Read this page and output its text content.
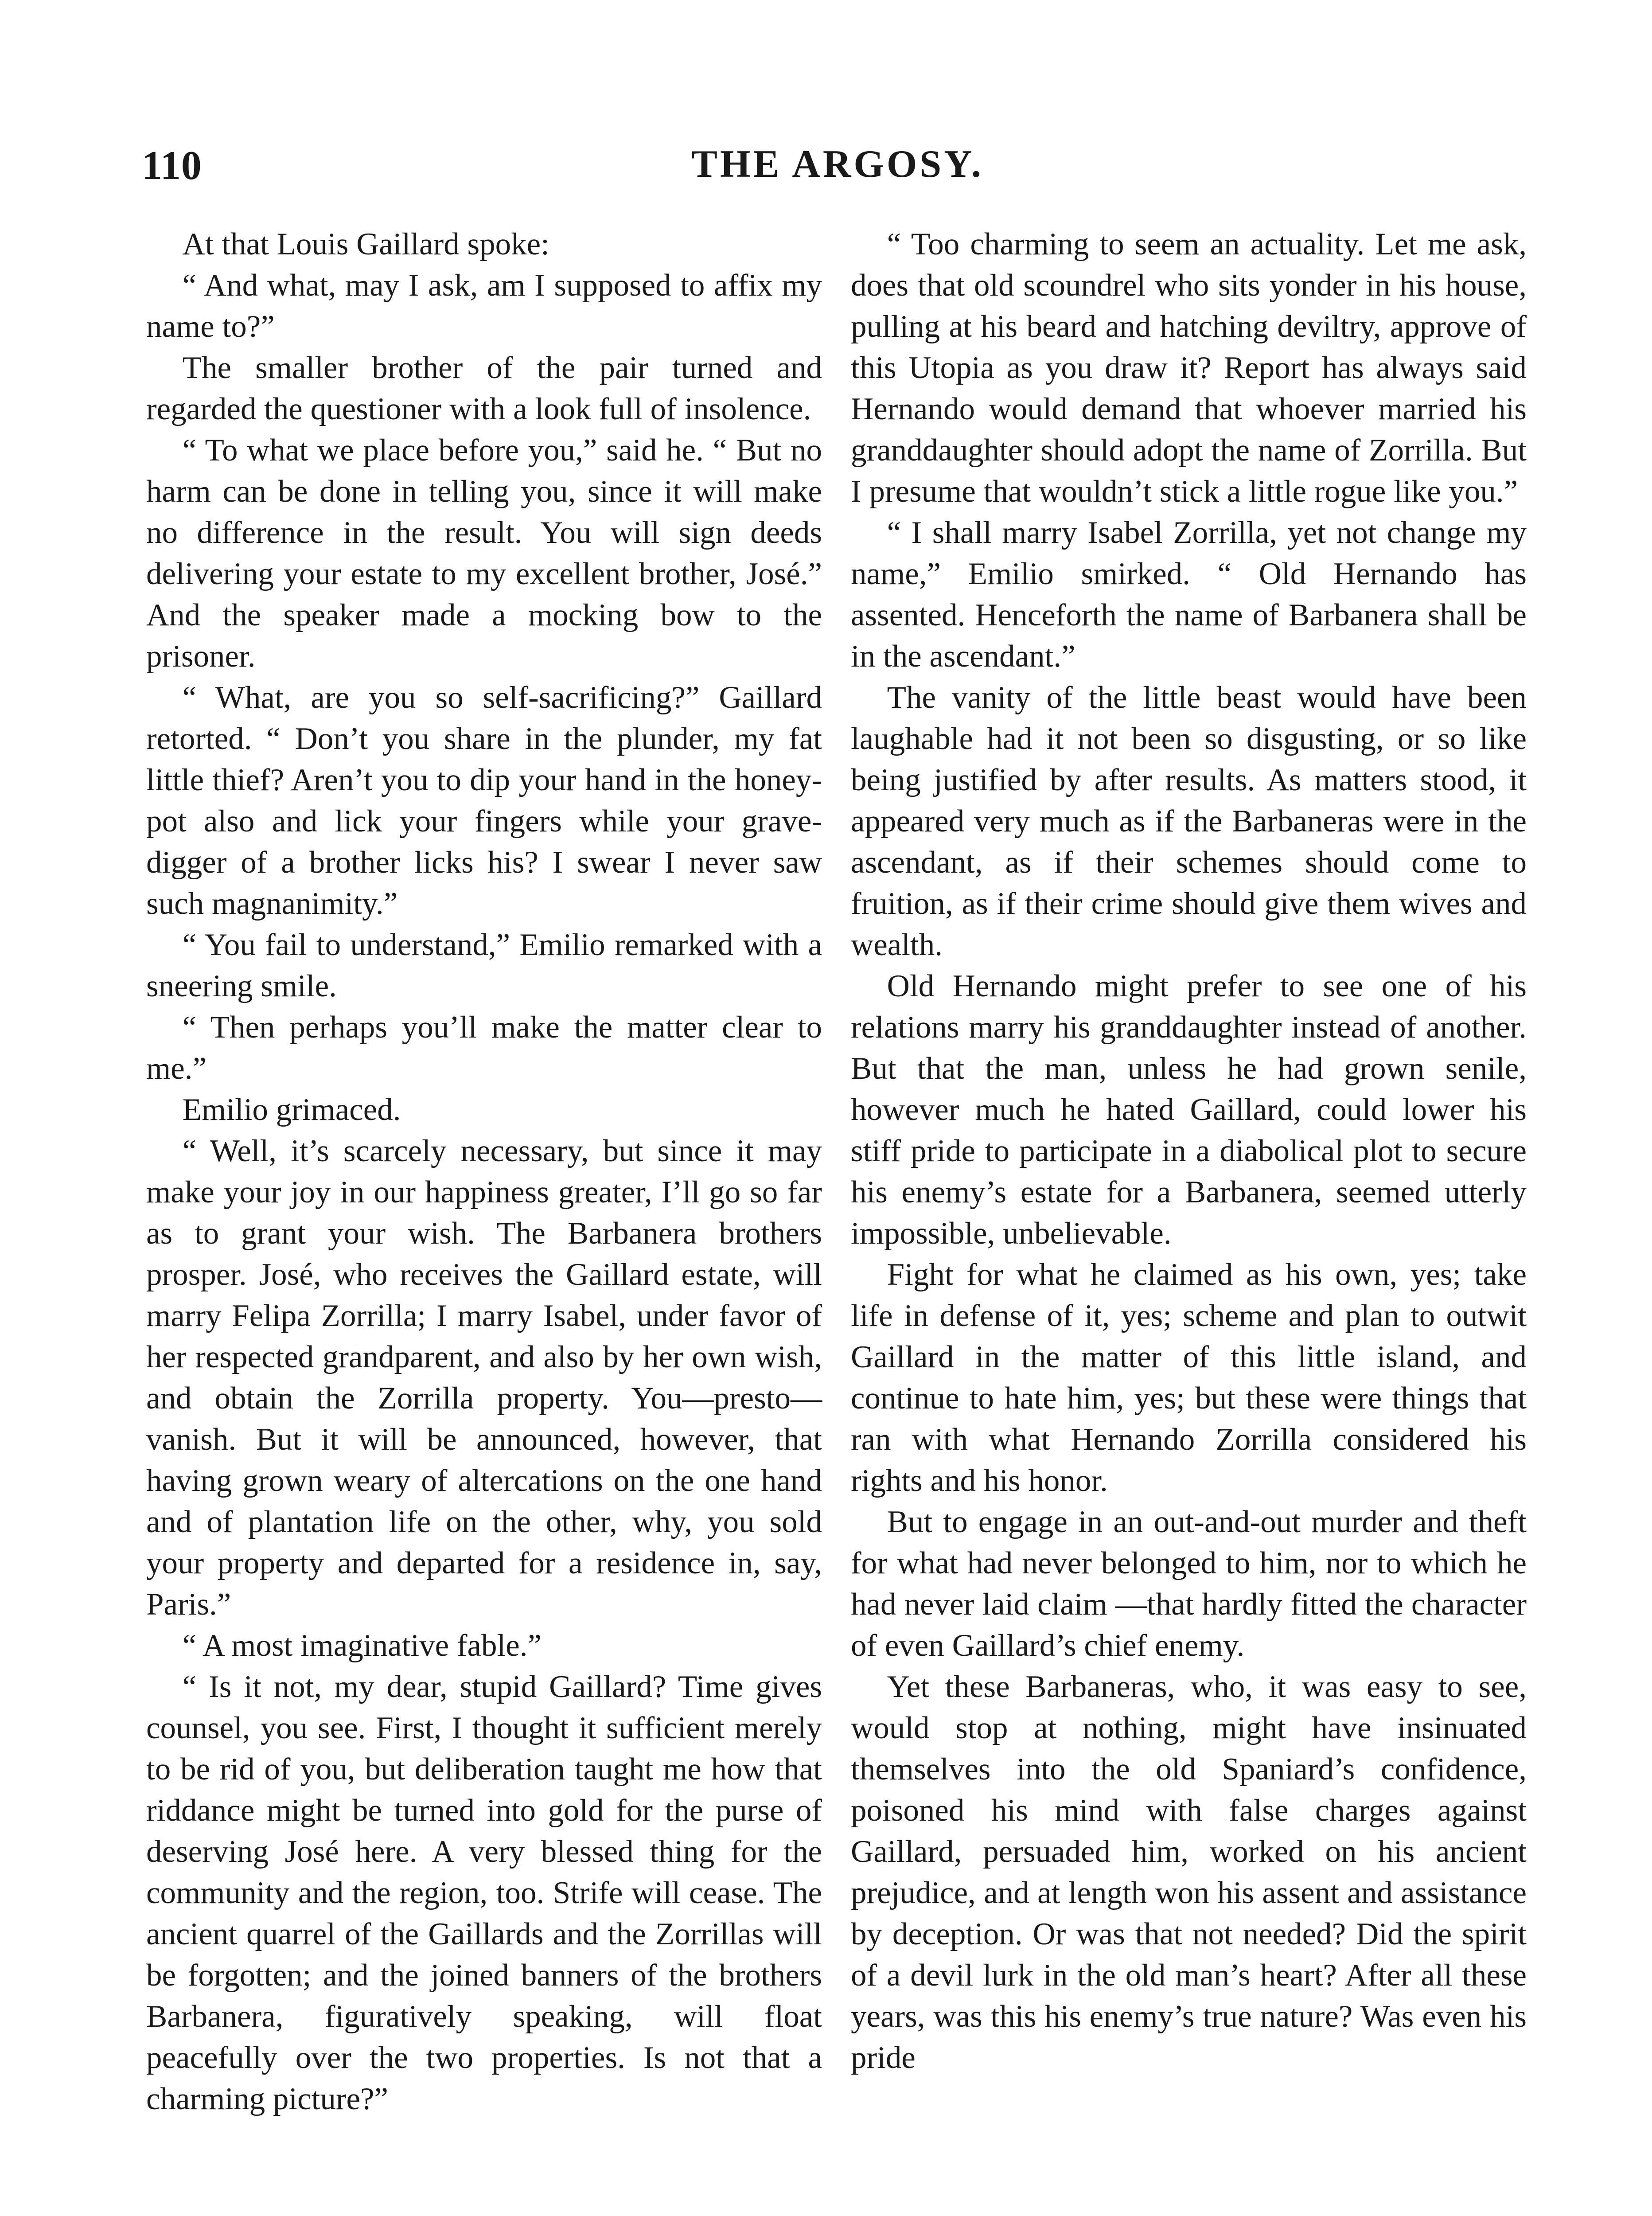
110	THE ARGOSY.

At that Louis Gaillard spoke:

“ And what, may I ask, am I supposed to affix my name to?”

The smaller brother of the pair turned and regarded the questioner with a look full of insolence.

“ To what we place before you,” said he. “ But no harm can be done in telling you, since it will make no difference in the result. You will sign deeds delivering your estate to my excellent brother, José.” And the speaker made a mocking bow to the prisoner.

“ What, are you so self-sacrificing?” Gaillard retorted. “ Don’t you share in the plunder, my fat little thief? Aren’t you to dip your hand in the honey-pot also and lick your fingers while your grave-digger of a brother licks his? I swear I never saw such magnanimity.”

“ You fail to understand,” Emilio remarked with a sneering smile.

“ Then perhaps you’ll make the matter clear to me.”

Emilio grimaced.

“ Well, it’s scarcely necessary, but since it may make your joy in our happiness greater, I’ll go so far as to grant your wish. The Barbanera brothers prosper. José, who receives the Gaillard estate, will marry Felipa Zorrilla; I marry Isabel, under favor of her respected grandparent, and also by her own wish, and obtain the Zorrilla property. You—presto—vanish. But it will be announced, however, that having grown weary of altercations on the one hand and of plantation life on the other, why, you sold your property and departed for a residence in, say, Paris.”

“ A most imaginative fable.”

“ Is it not, my dear, stupid Gaillard? Time gives counsel, you see. First, I thought it sufficient merely to be rid of you, but deliberation taught me how that riddance might be turned into gold for the purse of deserving José here. A very blessed thing for the community and the region, too. Strife will cease. The ancient quarrel of the Gaillards and the Zorrillas will be forgotten; and the joined banners of the brothers Barbanera, figuratively speaking, will float peacefully over the two properties. Is not that a charming picture?”

“ Too charming to seem an actuality. Let me ask, does that old scoundrel who sits yonder in his house, pulling at his beard and hatching deviltry, approve of this Utopia as you draw it? Report has always said Hernando would demand that whoever married his granddaughter should adopt the name of Zorrilla. But I presume that wouldn’t stick a little rogue like you.”

“ I shall marry Isabel Zorrilla, yet not change my name,” Emilio smirked. “ Old Hernando has assented. Henceforth the name of Barbanera shall be in the ascendant.”

The vanity of the little beast would have been laughable had it not been so disgusting, or so like being justified by after results. As matters stood, it appeared very much as if the Barbaneras were in the ascendant, as if their schemes should come to fruition, as if their crime should give them wives and wealth.

Old Hernando might prefer to see one of his relations marry his granddaughter instead of another. But that the man, unless he had grown senile, however much he hated Gaillard, could lower his stiff pride to participate in a diabolical plot to secure his enemy’s estate for a Barbanera, seemed utterly impossible, unbelievable.

Fight for what he claimed as his own, yes; take life in defense of it, yes; scheme and plan to outwit Gaillard in the matter of this little island, and continue to hate him, yes; but these were things that ran with what Hernando Zorrilla considered his rights and his honor.

But to engage in an out-and-out murder and theft for what had never belonged to him, nor to which he had never laid claim —that hardly fitted the character of even Gaillard’s chief enemy.

Yet these Barbaneras, who, it was easy to see, would stop at nothing, might have insinuated themselves into the old Spaniard’s confidence, poisoned his mind with false charges against Gaillard, persuaded him, worked on his ancient prejudice, and at length won his assent and assistance by deception. Or was that not needed? Did the spirit of a devil lurk in the old man’s heart? After all these years, was this his enemy’s true nature? Was even his pride
